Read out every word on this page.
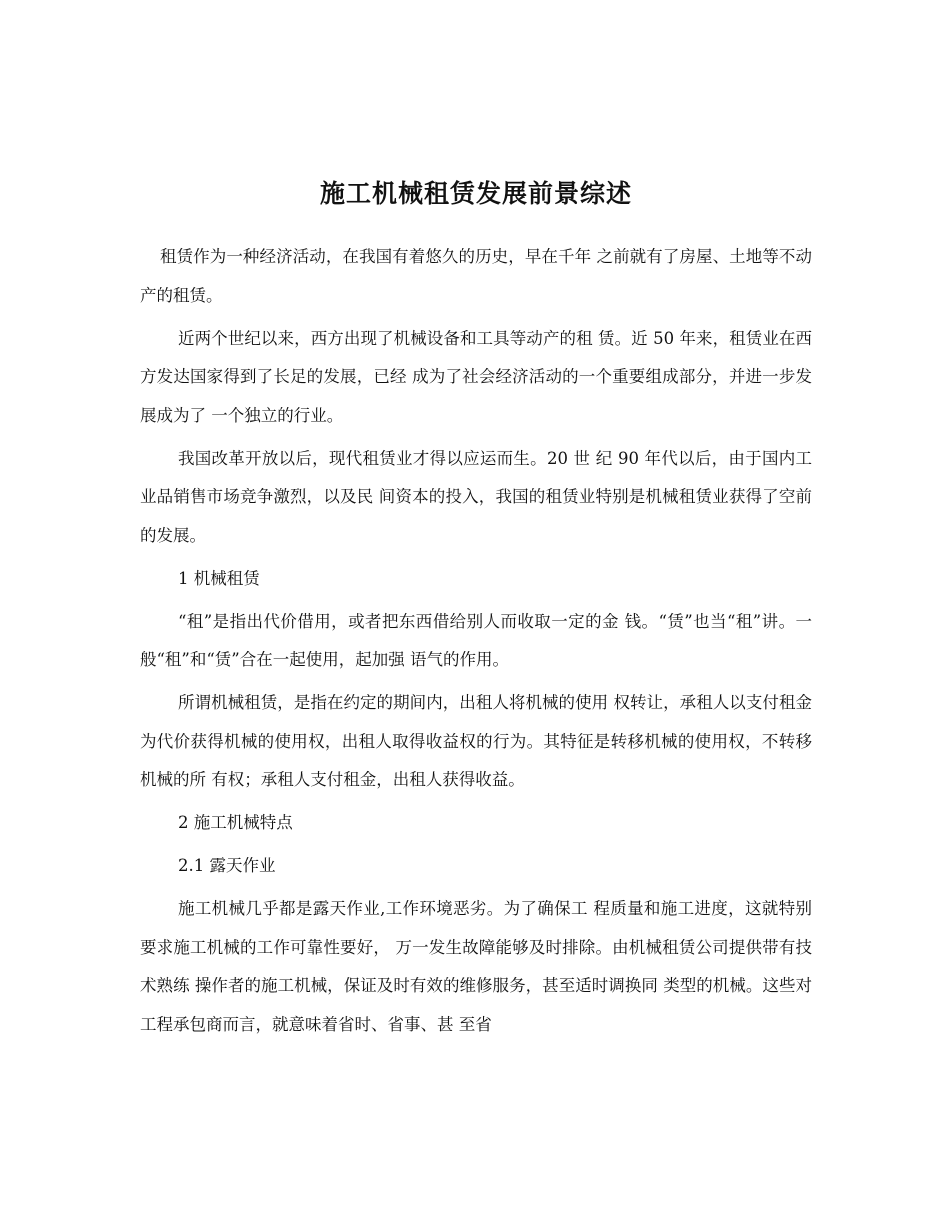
施工机械租赁发展前景综述

租赁作为一种经济活动，在我国有着悠久的历史，早在千年 之前就有了房屋、土地等不动产的租赁。

近两个世纪以来，西方出现了机械设备和工具等动产的租 赁。近 50 年来，租赁业在西方发达国家得到了长足的发展，已经 成为了社会经济活动的一个重要组成部分，并进一步发展成为了 一个独立的行业。

我国改革开放以后，现代租赁业才得以应运而生。20 世 纪 90 年代以后，由于国内工业品销售市场竞争激烈，以及民 间资本的投入，我国的租赁业特别是机械租赁业获得了空前 的发展。

1 机械租赁

“租”是指出代价借用，或者把东西借给别人而收取一定的金 钱。“赁”也当“租”讲。一般“租”和“赁”合在一起使用，起加强 语气的作用。

所谓机械租赁，是指在约定的期间内，出租人将机械的使用 权转让，承租人以支付租金为代价获得机械的使用权，出租人取得收益权的行为。其特征是转移机械的使用权，不转移机械的所 有权；承租人支付租金，出租人获得收益。

2 施工机械特点

2.1 露天作业

施工机械几乎都是露天作业,工作环境恶劣。为了确保工 程质量和施工进度，这就特别要求施工机械的工作可靠性要好， 万一发生故障能够及时排除。由机械租赁公司提供带有技术熟练 操作者的施工机械，保证及时有效的维修服务，甚至适时调换同 类型的机械。这些对工程承包商而言，就意味着省时、省事、甚 至省
